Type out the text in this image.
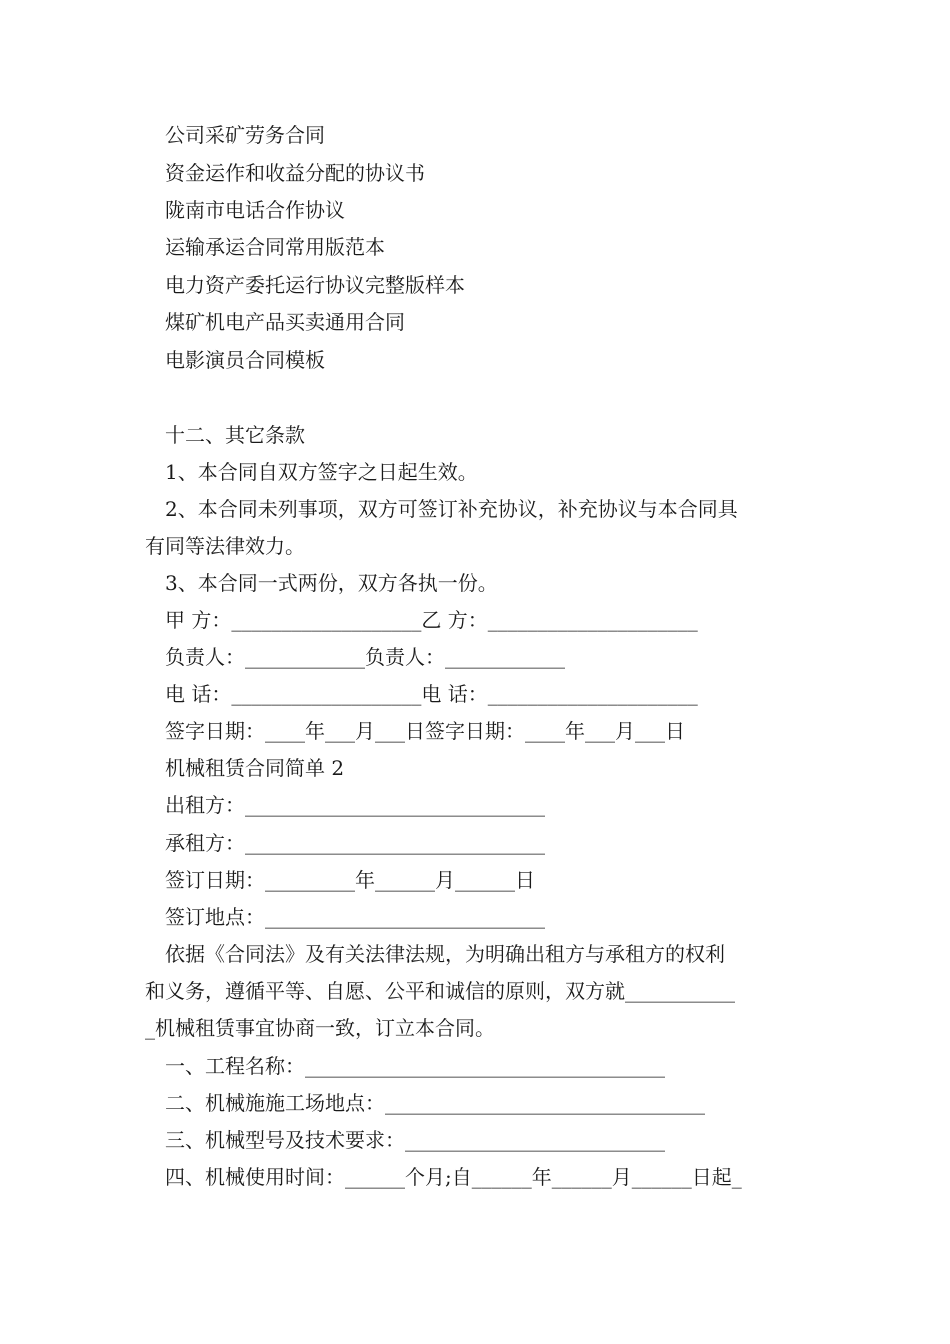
公司采矿劳务合同
资金运作和收益分配的协议书
陇南市电话合作协议
运输承运合同常用版范本
电力资产委托运行协议完整版样本
煤矿机电产品买卖通用合同
电影演员合同模板
十二、其它条款
1、本合同自双方签字之日起生效。
2、本合同未列事项，双方可签订补充协议，补充协议与本合同具
有同等法律效力。
3、本合同一式两份，双方各执一份。
甲 方：___________________乙 方：_____________________
负责人：____________负责人：____________
电 话：___________________电 话：_____________________
签字日期：____年___月___日签字日期：____年___月___日
机械租赁合同简单 2
出租方：______________________________
承租方：______________________________
签订日期：_________年______月______日
签订地点：____________________________
依据《合同法》及有关法律法规，为明确出租方与承租方的权利
和义务，遵循平等、自愿、公平和诚信的原则，双方就___________
_机械租赁事宜协商一致，订立本合同。
一、工程名称：____________________________________
二、机械施施工场地点：________________________________
三、机械型号及技术要求：__________________________
四、机械使用时间：______个月;自______年______月______日起_
